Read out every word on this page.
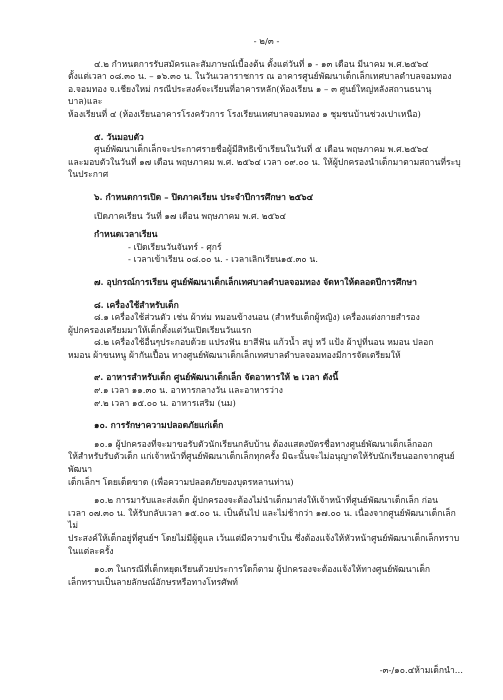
- ๒/๓ -

๔.๒ กำหนดการรับสมัครและสัมภาษณ์เบื้องต้น ตั้งแต่วันที่ ๑ - ๑๓ เดือน มีนาคม พ.ศ.๒๕๖๔

ตั้งแต่เวลา ๐๘.๓๐ น. – ๑๖.๓๐ น. ในวันเวลาราชการ ณ อาคารศูนย์พัฒนาเด็กเล็กเทศบาลตำบลจอมทอง

อ.จอมทอง จ.เชียงใหม่ กรณีประสงค์จะเรียนที่อาคารหลัก(ห้องเรียน ๑ – ๓ ศูนย์ใหญ่หลังสถานธนานุบาล)และ

ห้องเรียนที่ ๔ (ห้องเรียนอาคารโรงครัวการ โรงเรียนเทศบาลจอมทอง ๑ ชุมชนบ้านช่วงเปาเหนือ)

๕. วันมอบตัว

ศูนย์พัฒนาเด็กเล็กจะประกาศรายชื่อผู้มีสิทธิเข้าเรียนในวันที่ ๕ เดือน พฤษภาคม พ.ศ.๒๕๖๔

และมอบตัวในวันที่ ๑๗ เดือน พฤษภาคม พ.ศ. ๒๕๖๔ เวลา ๐๙.๐๐ น. ให้ผู้ปกครองนำเด็กมาตามสถานที่ระบุ

ในประกาศ

๖. กำหนดการเปิด – ปิดภาคเรียน ประจำปีการศึกษา ๒๕๖๔

เปิดภาคเรียน วันที่ ๑๗ เดือน พฤษภาคม พ.ศ. ๒๕๖๔

กำหนดเวลาเรียน

- เปิดเรียนวันจันทร์ - ศุกร์

- เวลาเข้าเรียน ๐๘.๐๐ น. - เวลาเลิกเรียน๑๕.๓๐ น.

๗. อุปกรณ์การเรียน ศูนย์พัฒนาเด็กเล็กเทศบาลตำบลจอมทอง จัดหาให้ตลอดปีการศึกษา

๘. เครื่องใช้สำหรับเด็ก

๘.๑ เครื่องใช้ส่วนตัว เช่น ผ้าห่ม หมอนข้างนอน (สำหรับเด็กผู้หญิง) เครื่องแต่งกายสำรอง

ผู้ปกครองเตรียมมาให้เด็กตั้งแต่วันเปิดเรียนวันแรก

๘.๒ เครื่องใช้อื่นๆประกอบด้วย แปรงฟัน ยาสีฟัน แก้วน้ำ สบู่ หวี แป้ง ผ้าปูที่นอน หมอน ปลอก

หมอน ผ้าขนหนู ผ้ากันเปื้อน ทางศูนย์พัฒนาเด็กเล็กเทศบาลตำบลจอมทองมีการจัดเตรียมให้

๙. อาหารสำหรับเด็ก ศูนย์พัฒนาเด็กเล็ก จัดอาหารให้ ๒ เวลา ดังนี้

๙.๑ เวลา ๑๑.๓๐ น. อาหารกลางวัน และอาหารว่าง

๙.๒ เวลา ๑๕.๐๐ น. อาหารเสริม (นม)

๑๐. การรักษาความปลอดภัยแก่เด็ก

๑๐.๑ ผู้ปกครองที่จะมาขอรับตัวนักเรียนกลับบ้าน ต้องแสดงบัตรชื่อทางศูนย์พัฒนาเด็กเล็กออก

ให้สำหรับรับตัวเด็ก แก่เจ้าหน้าที่ศูนย์พัฒนาเด็กเล็กทุกครั้ง มิฉะนั้นจะไม่อนุญาตให้รับนักเรียนออกจากศูนย์พัฒนา

เด็กเล็กฯ โดยเด็ดขาด (เพื่อความปลอดภัยของบุตรหลานท่าน)

๑๐.๒ การมารับและส่งเด็ก ผู้ปกครองจะต้องไม่นำเด็กมาส่งให้เจ้าหน้าที่ศูนย์พัฒนาเด็กเล็ก ก่อน

เวลา ๐๗.๓๐ น. ให้รับกลับเวลา ๑๕.๐๐ น. เป็นต้นไป และไม่ช้ากว่า ๑๗.๐๐ น. เนื่องจากศูนย์พัฒนาเด็กเล็ก ไม่

ประสงค์ให้เด็กอยู่ที่ศูนย์ฯ โดยไม่มีผู้ดูแล เว้นแต่มีความจำเป็น ซึ่งต้องแจ้งให้หัวหน้าศูนย์พัฒนาเด็กเล็กทราบในแต่ละครั้ง

๑๐.๓ ในกรณีที่เด็กหยุดเรียนด้วยประการใดก็ตาม ผู้ปกครองจะต้องแจ้งให้ทางศูนย์พัฒนาเด็ก

เล็กทราบเป็นลายลักษณ์อักษรหรือทางโทรศัพท์

-๓-/๑๐.๔ห้ามเด็กนำ...
